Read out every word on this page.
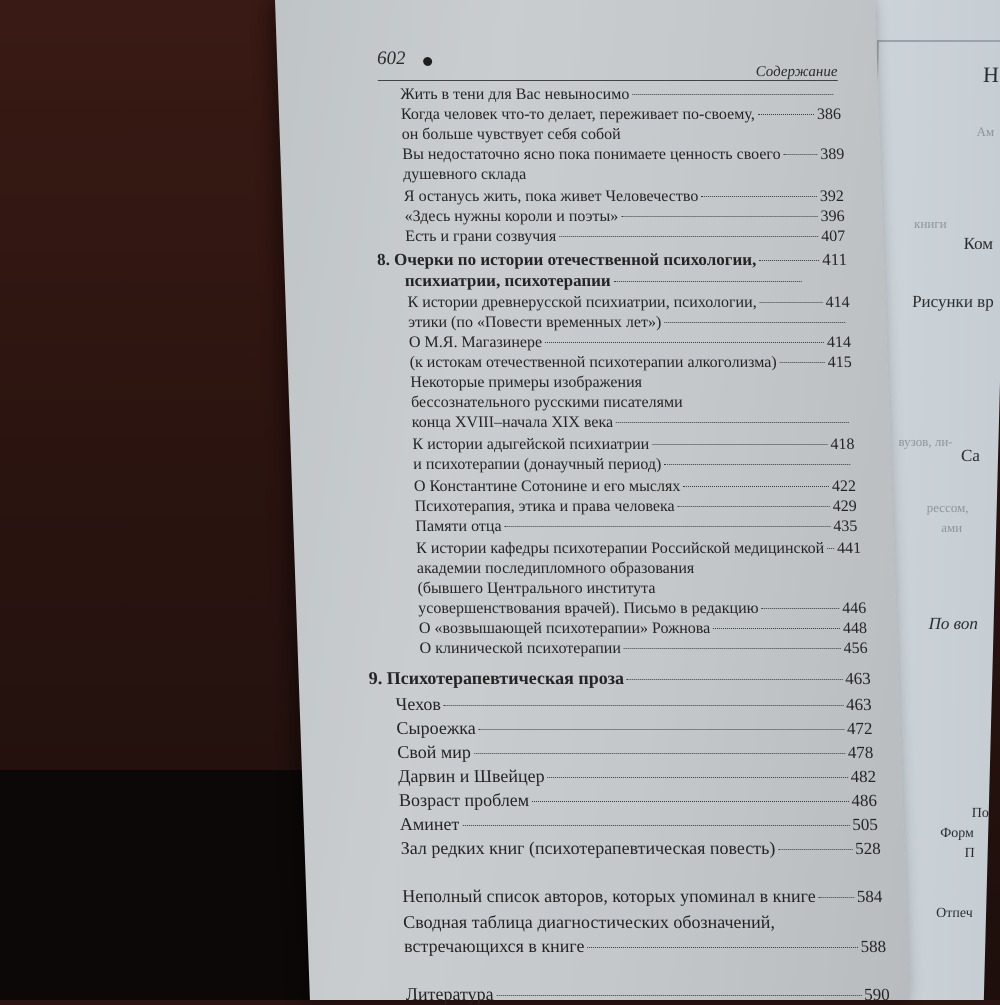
Н
Ам
книги
Ком
Рисунки вр
вузов, ли-
Са
рессом,
ами
По воп
По
Форм
П
Отпеч
602
Содержание
Жить в тени для Вас невыносимо
Когда человек что-то делает, переживает по-своему,	386
он больше чувствует себя собой
Вы недостаточно ясно пока понимаете ценность своего 389
душевного склада
Я останусь жить, пока живет Человечество	392
«Здесь нужны короли и поэты»	396
Есть и грани созвучия	407
8. Очерки по истории отечественной психологии,	411
психиатрии, психотерапии
К истории древнерусской психиатрии, психологии,	414
этики (по «Повести временных лет»)
О М.Я. Магазинере	414
(к истокам отечественной психотерапии алкоголизма)	415
Некоторые примеры изображения
бессознательного русскими писателями
конца XVIII–начала XIX века
К истории адыгейской психиатрии	418
и психотерапии (донаучный период)
О Константине Сотонине и его мыслях	422
Психотерапия, этика и права человека	429
Памяти отца	435
К истории кафедры психотерапии Российской медицинской 441
академии последипломного образования
(бывшего Центрального института
усовершенствования врачей). Письмо в редакцию	446
О «возвышающей психотерапии» Рожнова	448
О клинической психотерапии	456
9. Психотерапевтическая проза	463
Чехов	463
Сыроежка	472
Свой мир	478
Дарвин и Швейцер	482
Возраст проблем	486
Аминет	505
Зал редких книг (психотерапевтическая повесть)	528
Неполный список авторов, которых упоминал в книге 584
Сводная таблица диагностических обозначений,
встречающихся в книге	588
Литература	590
